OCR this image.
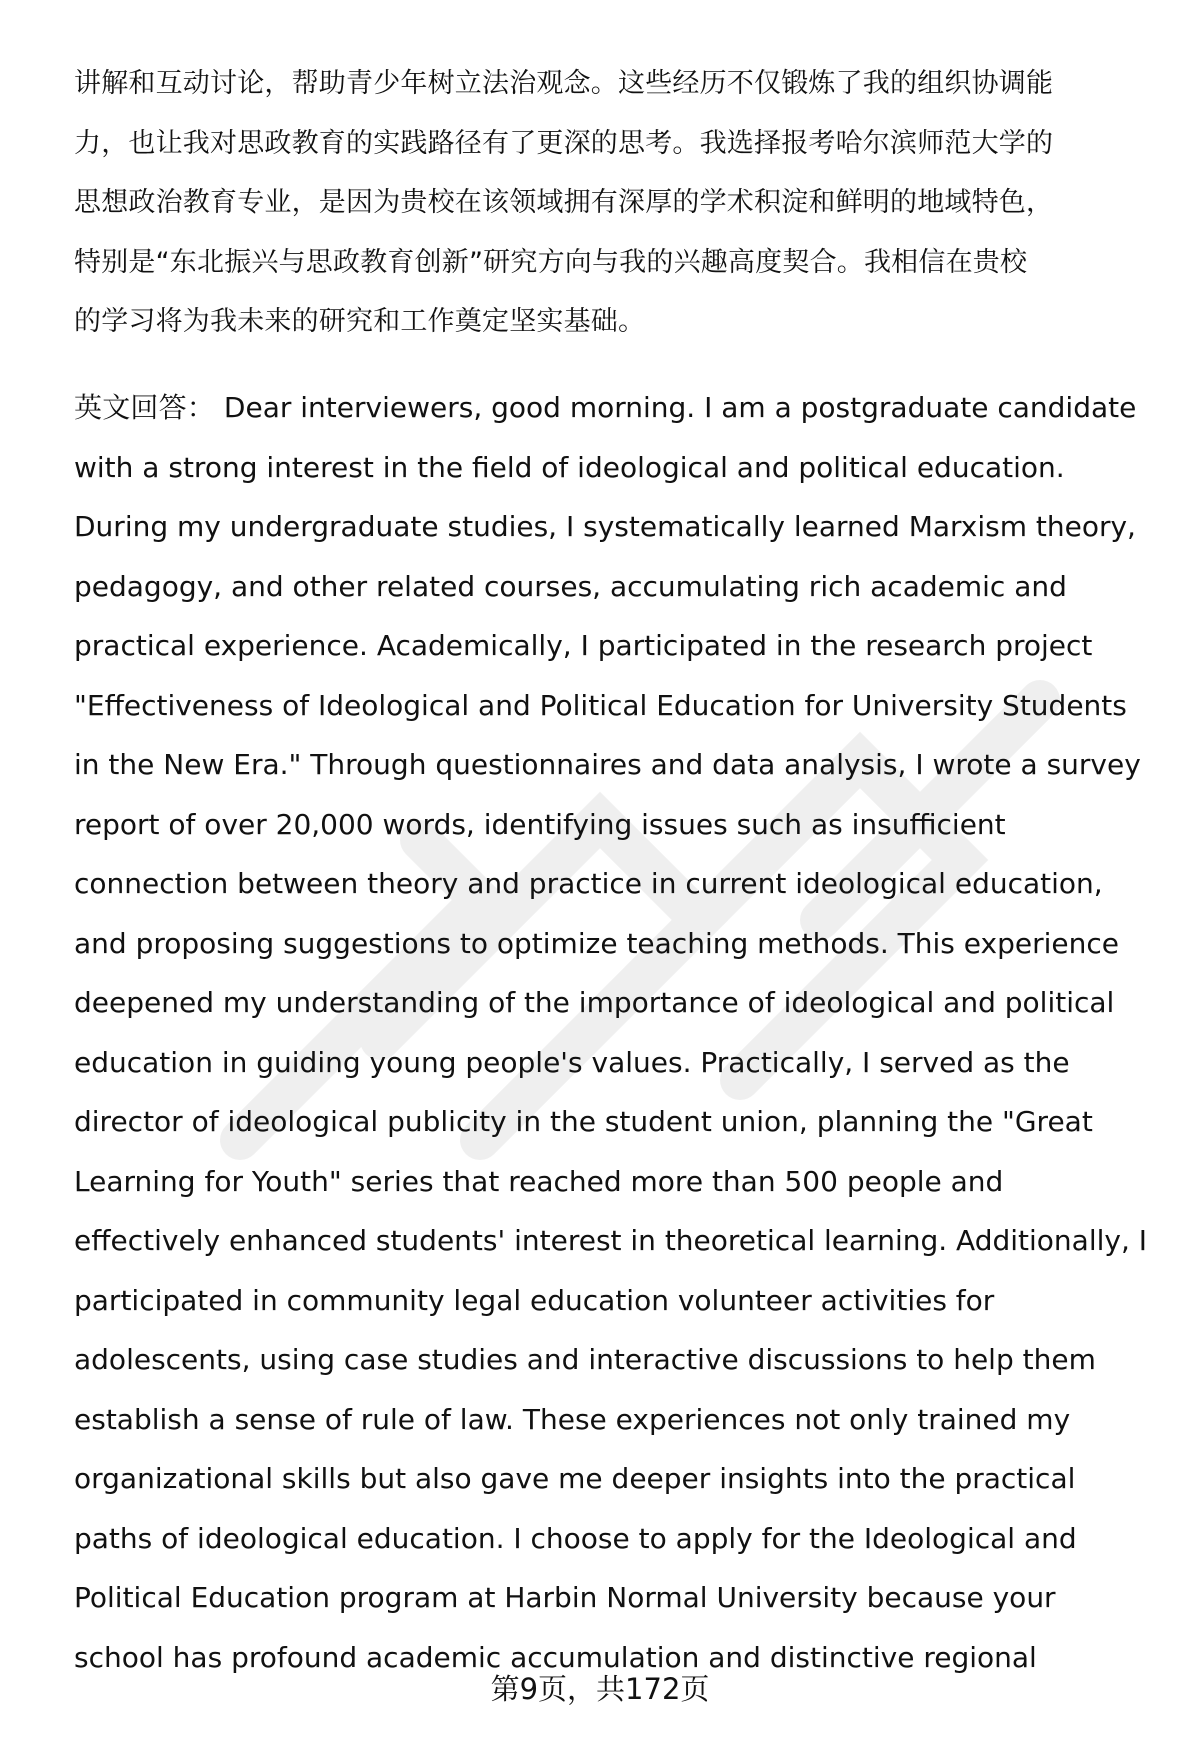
讲解和互动讨论，帮助青少年树立法治观念。这些经历不仅锻炼了我的组织协调能
力，也让我对思政教育的实践路径有了更深的思考。我选择报考哈尔滨师范大学的
思想政治教育专业，是因为贵校在该领域拥有深厚的学术积淀和鲜明的地域特色，
特别是“东北振兴与思政教育创新”研究方向与我的兴趣高度契合。我相信在贵校
的学习将为我未来的研究和工作奠定坚实基础。
英文回答： Dear interviewers, good morning. I am a postgraduate candidate
with a strong interest in the field of ideological and political education.
During my undergraduate studies, I systematically learned Marxism theory,
pedagogy, and other related courses, accumulating rich academic and
practical experience. Academically, I participated in the research project
"Effectiveness of Ideological and Political Education for University Students
in the New Era." Through questionnaires and data analysis, I wrote a survey
report of over 20,000 words, identifying issues such as insufficient
connection between theory and practice in current ideological education,
and proposing suggestions to optimize teaching methods. This experience
deepened my understanding of the importance of ideological and political
education in guiding young people's values. Practically, I served as the
director of ideological publicity in the student union, planning the "Great
Learning for Youth" series that reached more than 500 people and
effectively enhanced students' interest in theoretical learning. Additionally, I
participated in community legal education volunteer activities for
adolescents, using case studies and interactive discussions to help them
establish a sense of rule of law. These experiences not only trained my
organizational skills but also gave me deeper insights into the practical
paths of ideological education. I choose to apply for the Ideological and
Political Education program at Harbin Normal University because your
school has profound academic accumulation and distinctive regional
第9页，共172页
